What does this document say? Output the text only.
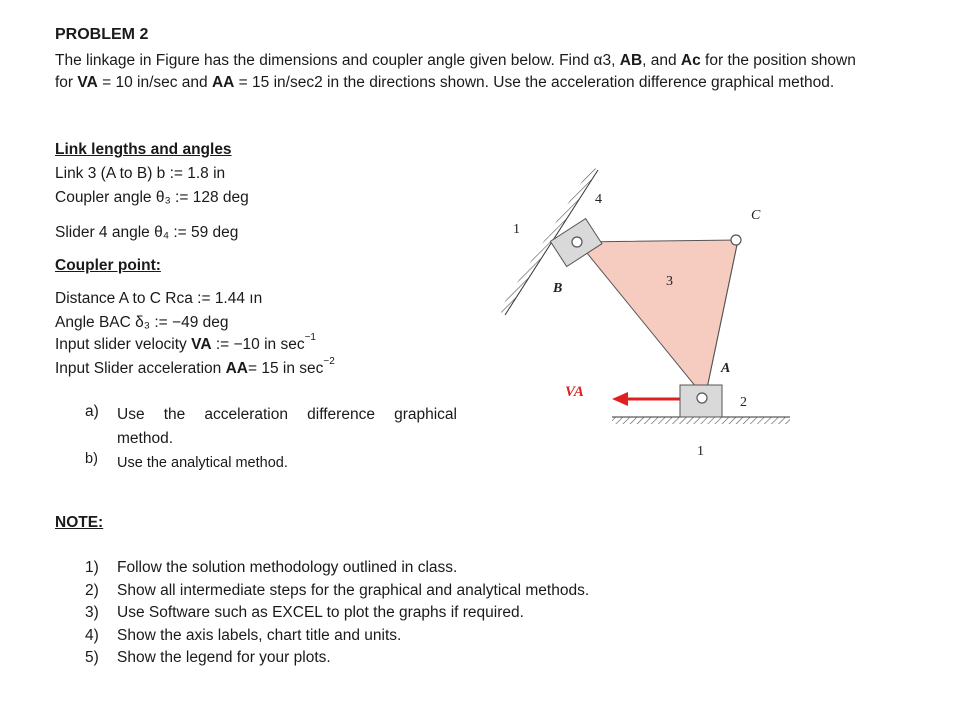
PROBLEM 2
The linkage in Figure has the dimensions and coupler angle given below. Find α3, AB, and Ac for the position shown for VA = 10 in/sec and AA = 15 in/sec2 in the directions shown. Use the acceleration difference graphical method.
Link lengths and angles
Link 3 (A to B) b := 1.8 in
Coupler angle θ₃ := 128 deg
Slider 4 angle θ₄ := 59 deg
Coupler point:
Distance A to C Rca := 1.44 ın
Angle BAC δ₃ := −49 deg
Input slider velocity VA := −10 in $\sec^{-1}$
Input Slider acceleration AA= 15 in $\sec^{-2}$
a)	Use the acceleration difference graphical method.
b)	Use the analytical method.
NOTE:
1)	Follow the solution methodology outlined in class.
2)	Show all intermediate steps for the graphical and analytical methods.
3)	Use Software such as EXCEL to plot the graphs if required.
4)	Show the axis labels, chart title and units.
5)	Show the legend for your plots.
1
4
C
B	3
A
VA
2
1
